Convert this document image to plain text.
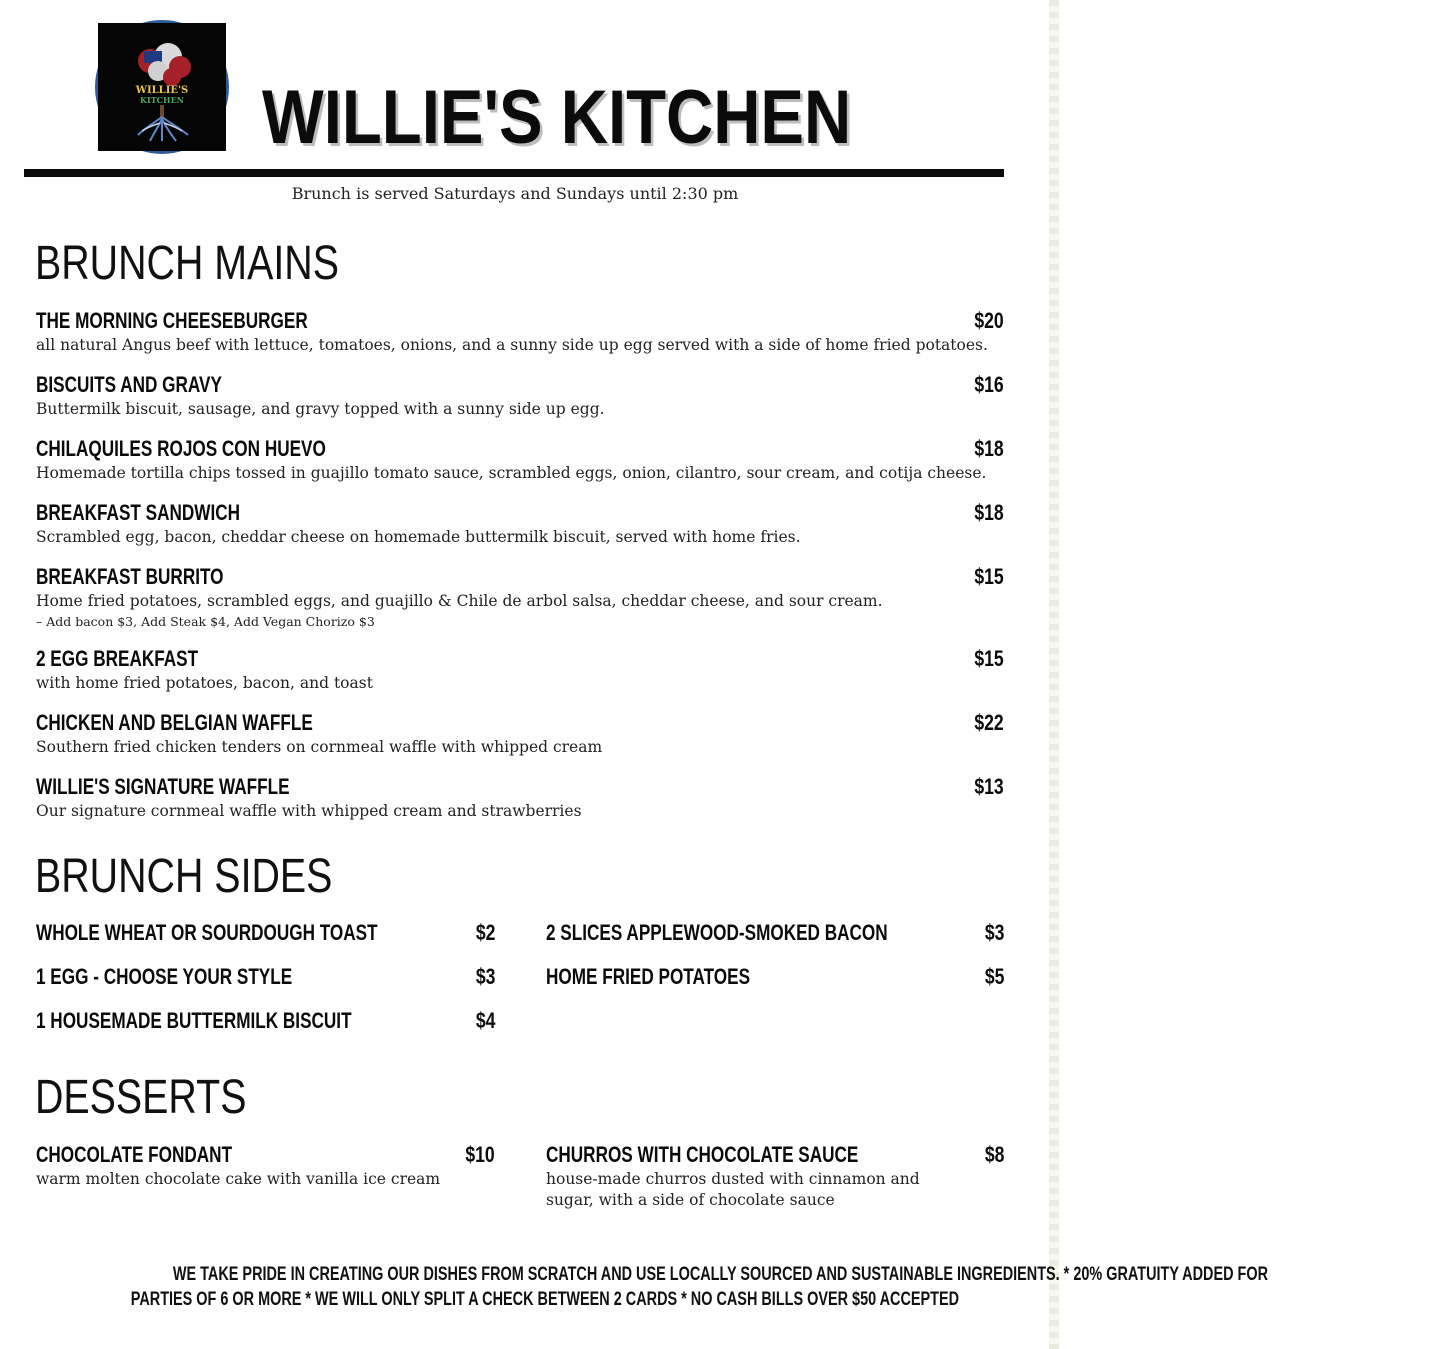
WILLIE'S
KITCHEN WILLIE'S KITCHEN
Brunch is served Saturdays and Sundays until 2:30 pm
BRUNCH MAINS
THE MORNING CHEESEBURGER	$20
all natural Angus beef with lettuce, tomatoes, onions, and a sunny side up egg served with a side of home fried potatoes.
BISCUITS AND GRAVY	$16
Buttermilk biscuit, sausage, and gravy topped with a sunny side up egg.
CHILAQUILES ROJOS CON HUEVO	$18
Homemade tortilla chips tossed in guajillo tomato sauce, scrambled eggs, onion, cilantro, sour cream, and cotija cheese.
BREAKFAST SANDWICH	$18
Scrambled egg, bacon, cheddar cheese on homemade buttermilk biscuit, served with home fries.
BREAKFAST BURRITO	$15
Home fried potatoes, scrambled eggs, and guajillo & Chile de arbol salsa, cheddar cheese, and sour cream.
– Add bacon $3, Add Steak $4, Add Vegan Chorizo $3
2 EGG BREAKFAST	$15
with home fried potatoes, bacon, and toast
CHICKEN AND BELGIAN WAFFLE	$22
Southern fried chicken tenders on cornmeal waffle with whipped cream
WILLIE'S SIGNATURE WAFFLE	$13
Our signature cornmeal waffle with whipped cream and strawberries
BRUNCH SIDES
WHOLE WHEAT OR SOURDOUGH TOAST	$2
1 EGG - CHOOSE YOUR STYLE	$3
1 HOUSEMADE BUTTERMILK BISCUIT	$4
2 SLICES APPLEWOOD-SMOKED BACON	$3
HOME FRIED POTATOES	$5
DESSERTS
CHOCOLATE FONDANT	$10
warm molten chocolate cake with vanilla ice cream
CHURROS WITH CHOCOLATE SAUCE	$8
house-made churros dusted with cinnamon and sugar, with a side of chocolate sauce
WE TAKE PRIDE IN CREATING OUR DISHES FROM SCRATCH AND USE LOCALLY SOURCED AND SUSTAINABLE INGREDIENTS. * 20% GRATUITY ADDED FOR
PARTIES OF 6 OR MORE * WE WILL ONLY SPLIT A CHECK BETWEEN 2 CARDS * NO CASH BILLS OVER $50 ACCEPTED
